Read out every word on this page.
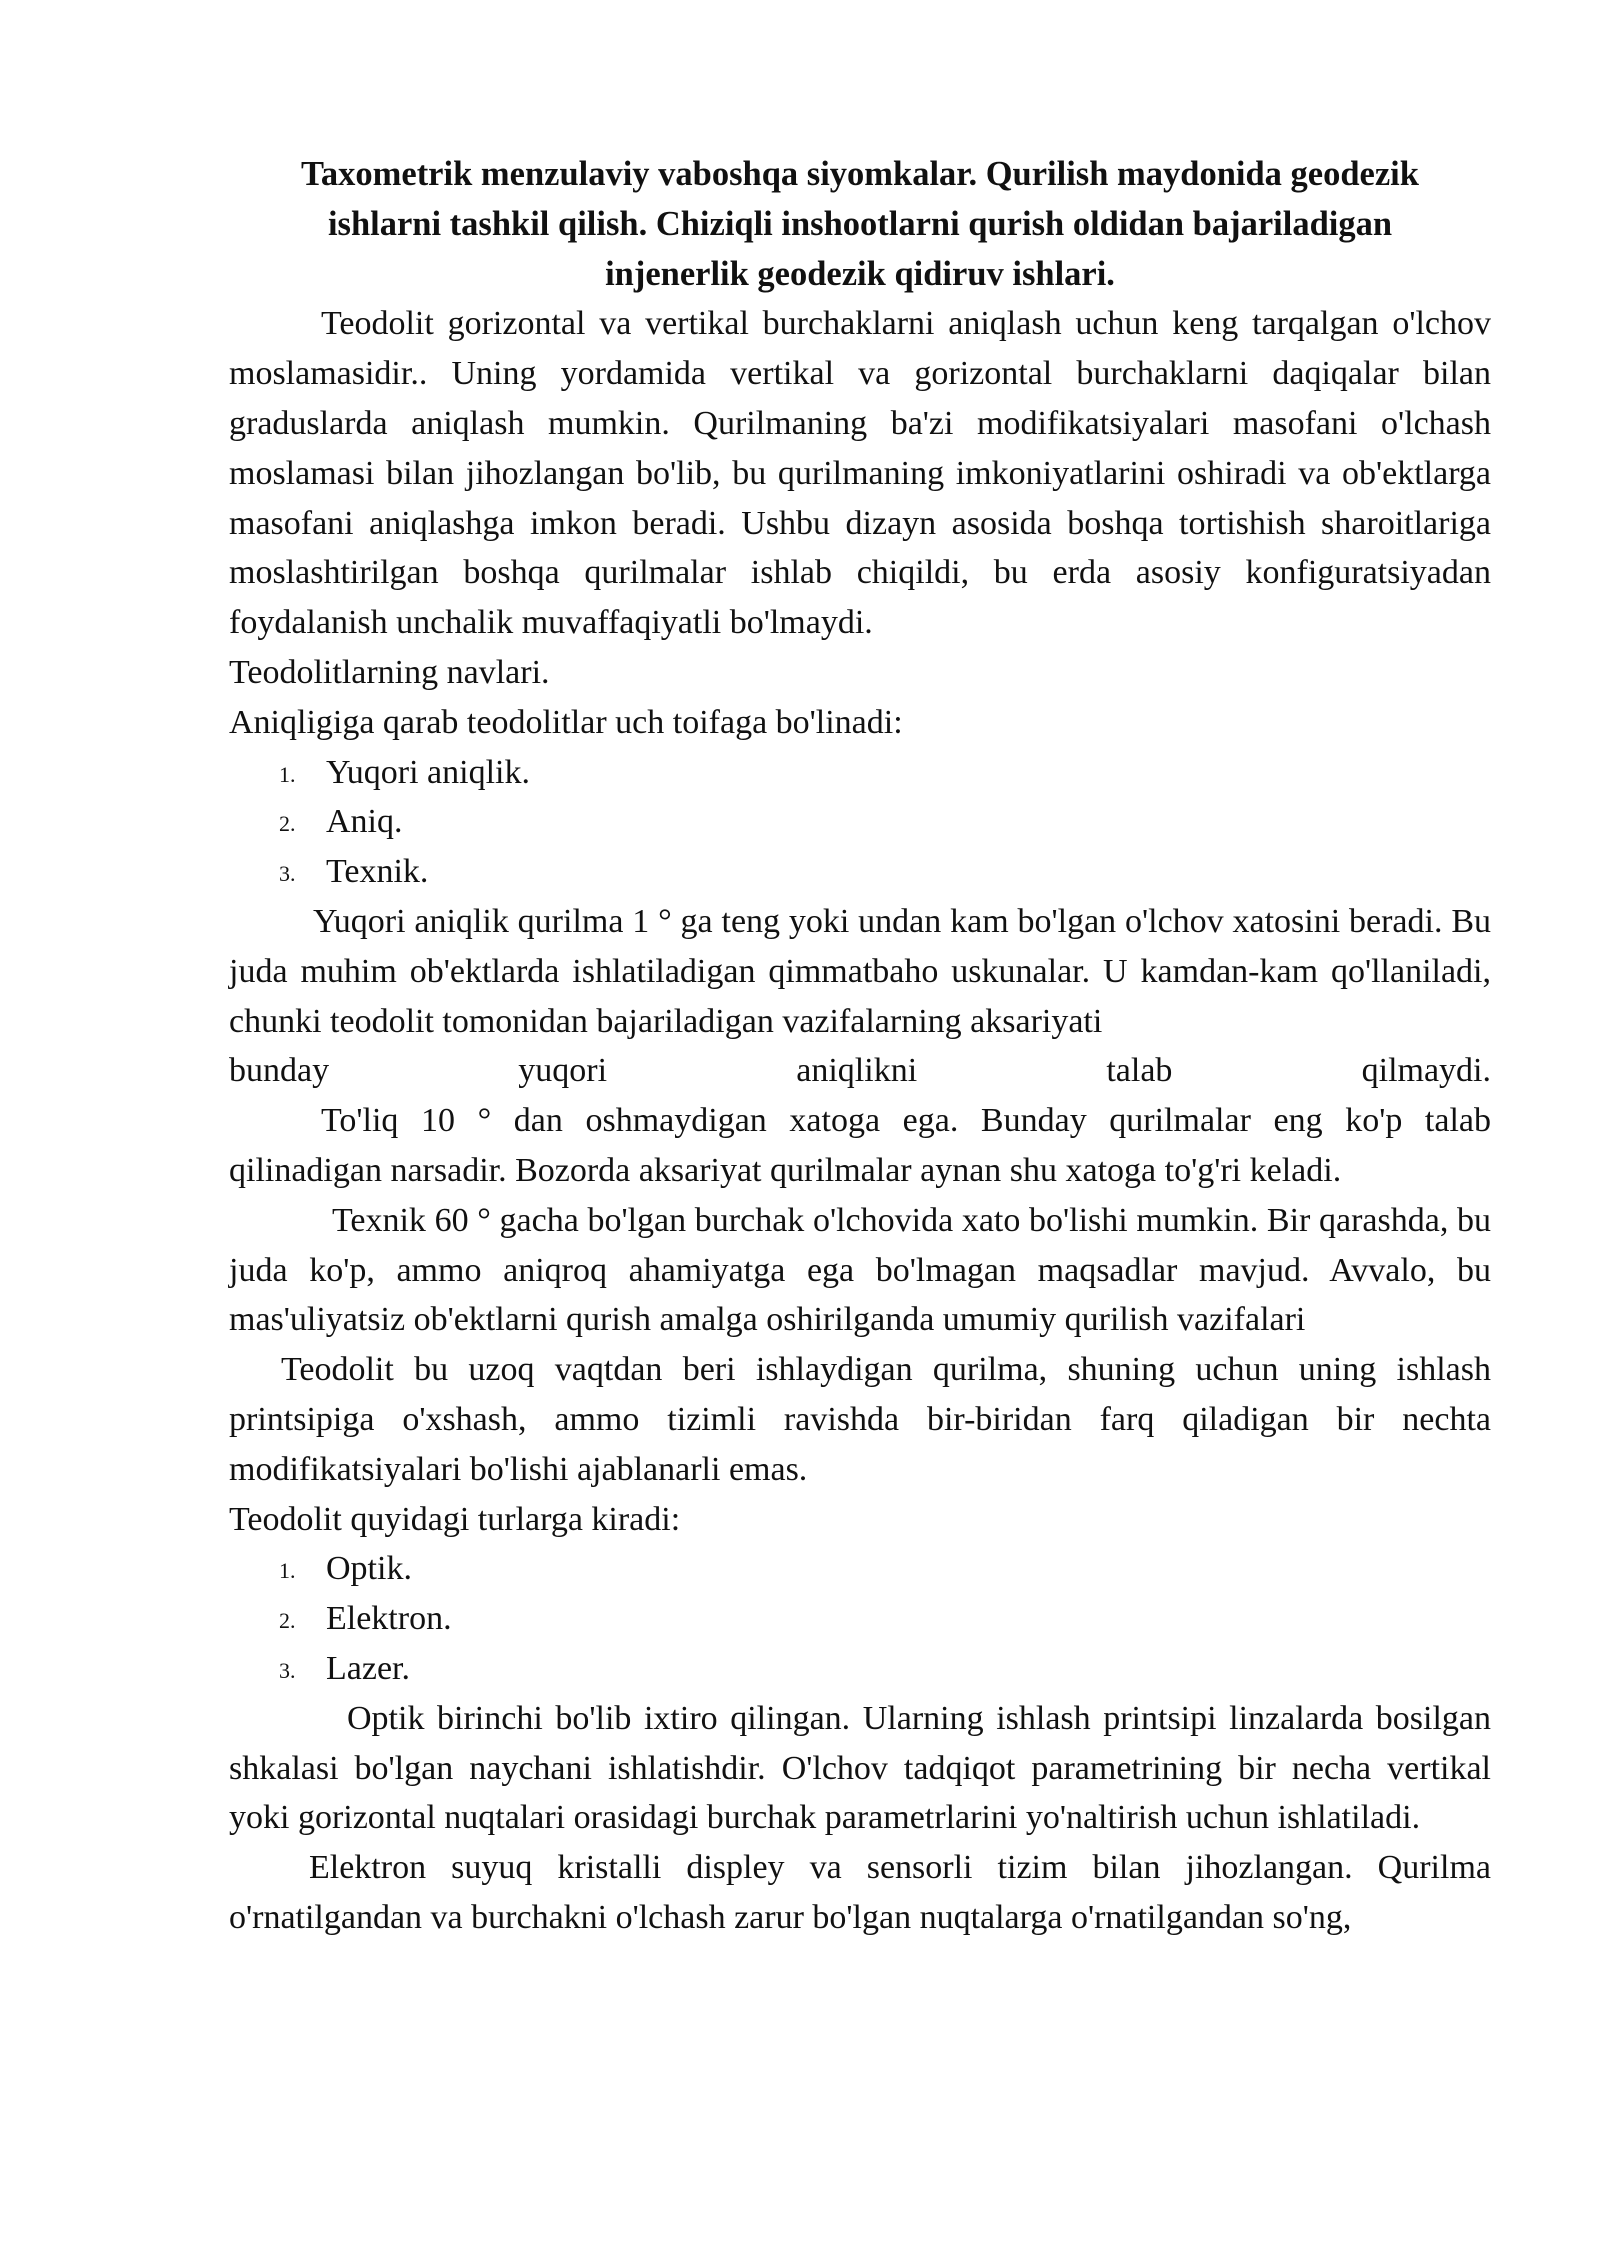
Taxometrik menzulaviy vaboshqa siyomkalar. Qurilish maydonida geodezik
ishlarni tashkil qilish. Chiziqli inshootlarni qurish oldidan bajariladigan
injenerlik geodezik qidiruv ishlari.

Teodolit gorizontal va vertikal burchaklarni aniqlash uchun keng tarqalgan o'lchov moslamasidir.. Uning yordamida vertikal va gorizontal burchaklarni daqiqalar bilan graduslarda aniqlash mumkin. Qurilmaning ba'zi modifikatsiyalari masofani o'lchash moslamasi bilan jihozlangan bo'lib, bu qurilmaning imkoniyatlarini oshiradi va ob'ektlarga masofani aniqlashga imkon beradi. Ushbu dizayn asosida boshqa tortishish sharoitlariga moslashtirilgan boshqa qurilmalar ishlab chiqildi, bu erda asosiy konfiguratsiyadan foydalanish unchalik muvaffaqiyatli bo'lmaydi.

Teodolitlarning navlari.

Aniqligiga qarab teodolitlar uch toifaga bo'linadi:

1. Yuqori aniqlik.
2. Aniq.
3. Texnik.

Yuqori aniqlik qurilma 1 ° ga teng yoki undan kam bo'lgan o'lchov xatosini beradi. Bu juda muhim ob'ektlarda ishlatiladigan qimmatbaho uskunalar. U kamdan-kam qo'llaniladi, chunki teodolit tomonidan bajariladigan vazifalarning aksariyati

bunday yuqori aniqlikni talab qilmaydi.

To'liq 10 ° dan oshmaydigan xatoga ega. Bunday qurilmalar eng ko'p talab qilinadigan narsadir. Bozorda aksariyat qurilmalar aynan shu xatoga to'g'ri keladi.

Texnik 60 ° gacha bo'lgan burchak o'lchovida xato bo'lishi mumkin. Bir qarashda, bu juda ko'p, ammo aniqroq ahamiyatga ega bo'lmagan maqsadlar mavjud. Avvalo, bu mas'uliyatsiz ob'ektlarni qurish amalga oshirilganda umumiy qurilish vazifalari

Teodolit bu uzoq vaqtdan beri ishlaydigan qurilma, shuning uchun uning ishlash printsipiga o'xshash, ammo tizimli ravishda bir-biridan farq qiladigan bir nechta modifikatsiyalari bo'lishi ajablanarli emas.

Teodolit quyidagi turlarga kiradi:

1. Optik.
2. Elektron.
3. Lazer.

Optik birinchi bo'lib ixtiro qilingan. Ularning ishlash printsipi linzalarda bosilgan shkalasi bo'lgan naychani ishlatishdir. O'lchov tadqiqot parametrining bir necha vertikal yoki gorizontal nuqtalari orasidagi burchak parametrlarini yo'naltirish uchun ishlatiladi.

Elektron suyuq kristalli displey va sensorli tizim bilan jihozlangan. Qurilma o'rnatilgandan va burchakni o'lchash zarur bo'lgan nuqtalarga o'rnatilgandan so'ng,
